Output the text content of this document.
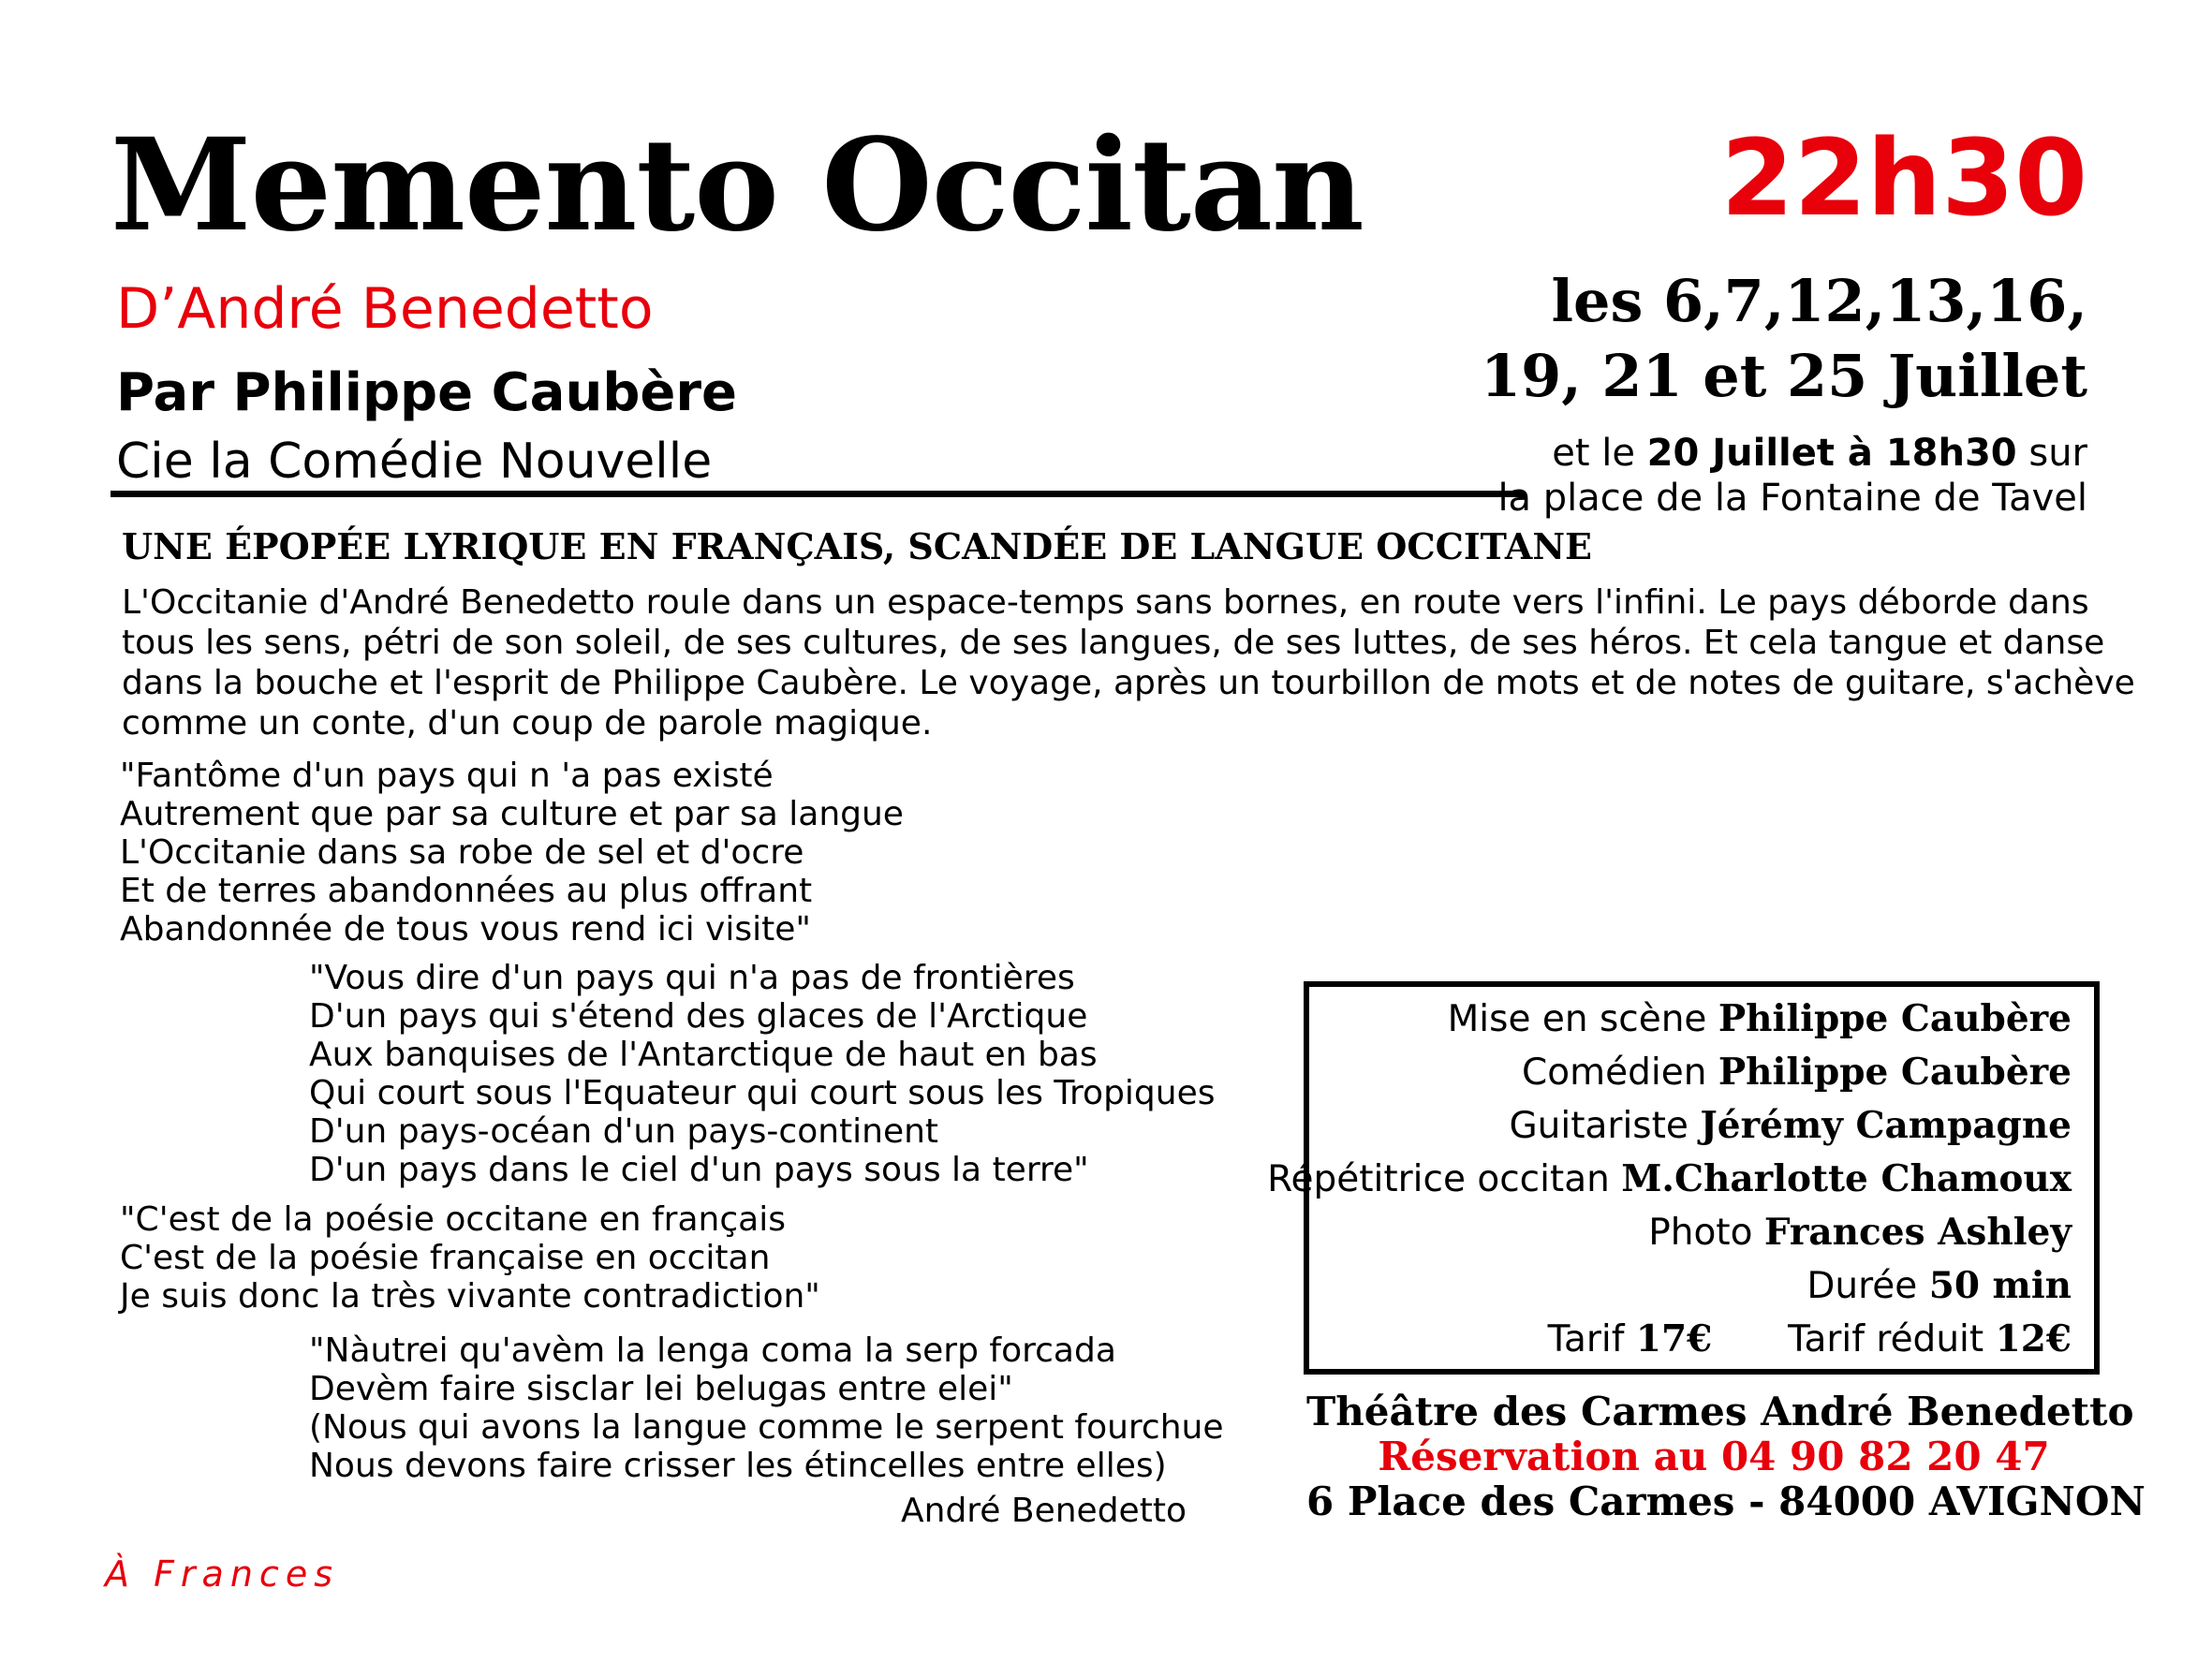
Memento Occitan
D’André Benedetto
Par Philippe Caubère
Cie la Comédie Nouvelle
22h30
les 6,7,12,13,16,
19, 21 et 25 Juillet
et le 20 Juillet à 18h30 sur
la place de la Fontaine de Tavel
UNE ÉPOPÉE LYRIQUE EN FRANÇAIS, SCANDÉE DE LANGUE OCCITANE
L'Occitanie d'André Benedetto roule dans un espace-temps sans bornes, en route vers l'infini. Le pays déborde dans
tous les sens, pétri de son soleil, de ses cultures, de ses langues, de ses luttes, de ses héros. Et cela tangue et danse
dans la bouche et l'esprit de Philippe Caubère. Le voyage, après un tourbillon de mots et de notes de guitare, s'achève
comme un conte, d'un coup de parole magique.
"Fantôme d'un pays qui n 'a pas existé
Autrement que par sa culture et par sa langue
L'Occitanie dans sa robe de sel et d'ocre
Et de terres abandonnées au plus offrant
Abandonnée de tous vous rend ici visite"
"Vous dire d'un pays qui n'a pas de frontières
D'un pays qui s'étend des glaces de l'Arctique
Aux banquises de l'Antarctique de haut en bas
Qui court sous l'Equateur qui court sous les Tropiques
D'un pays-océan d'un pays-continent
D'un pays dans le ciel d'un pays sous la terre"
"C'est de la poésie occitane en français
C'est de la poésie française en occitan
Je suis donc la très vivante contradiction"
"Nàutrei qu'avèm la lenga coma la serp forcada
Devèm faire sisclar lei belugas entre elei"
(Nous qui avons la langue comme le serpent fourchue
Nous devons faire crisser les étincelles entre elles)
André Benedetto
À Frances
Mise en scène Philippe Caubère
Comédien Philippe Caubère
Guitariste Jérémy Campagne
Répétitrice occitan M.Charlotte Chamoux
Photo Frances Ashley
Durée 50 min
Tarif 17€ Tarif réduit 12€
Théâtre des Carmes André Benedetto
Réservation au 04 90 82 20 47
6 Place des Carmes - 84000 AVIGNON
